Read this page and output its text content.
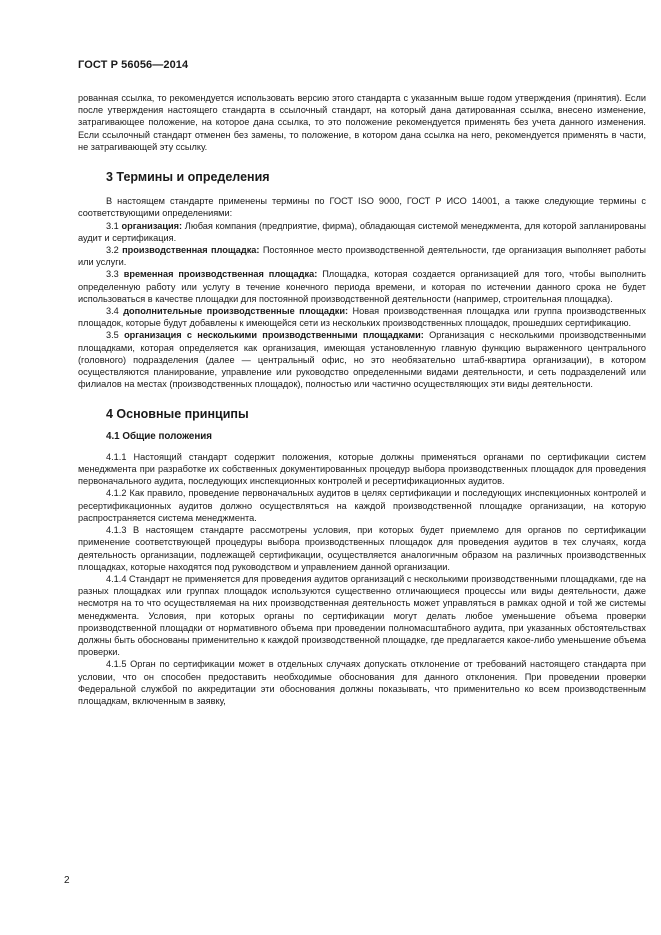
ГОСТ Р 56056—2014

рованная ссылка, то рекомендуется использовать версию этого стандарта с указанным выше годом утверждения (принятия). Если после утверждения настоящего стандарта в ссылочный стандарт, на который дана датированная ссылка, внесено изменение, затрагивающее положение, на которое дана ссылка, то это положение рекомендуется применять без учета данного изменения. Если ссылочный стандарт отменен без замены, то положение, в котором дана ссылка на него, рекомендуется применять в части, не затрагивающей эту ссылку.

3 Термины и определения

В настоящем стандарте применены термины по ГОСТ ISO 9000, ГОСТ Р ИСО 14001, а также следующие термины с соответствующими определениями:

3.1 организация: Любая компания (предприятие, фирма), обладающая системой менеджмента, для которой запланированы аудит и сертификация.

3.2 производственная площадка: Постоянное место производственной деятельности, где организация выполняет работы или услуги.

3.3 временная производственная площадка: Площадка, которая создается организацией для того, чтобы выполнить определенную работу или услугу в течение конечного периода времени, и которая по истечении данного срока не будет использоваться в качестве площадки для постоянной производственной деятельности (например, строительная площадка).

3.4 дополнительные производственные площадки: Новая производственная площадка или группа производственных площадок, которые будут добавлены к имеющейся сети из нескольких производственных площадок, прошедших сертификацию.

3.5 организация с несколькими производственными площадками: Организация с несколькими производственными площадками, которая определяется как организация, имеющая установленную главную функцию выраженного центрального (головного) подразделения (далее — центральный офис, но это необязательно штаб-квартира организации), в котором осуществляются планирование, управление или руководство определенными видами деятельности, и сеть подразделений или филиалов на местах (производственных площадок), полностью или частично осуществляющих эти виды деятельности.

4 Основные принципы
4.1 Общие положения

4.1.1 Настоящий стандарт содержит положения, которые должны применяться органами по сертификации систем менеджмента при разработке их собственных документированных процедур выбора производственных площадок для проведения первоначального аудита, последующих инспекционных контролей и ресертификационных аудитов.

4.1.2 Как правило, проведение первоначальных аудитов в целях сертификации и последующих инспекционных контролей и ресертификационных аудитов должно осуществляться на каждой производственной площадке организации, на которую распространяется система менеджмента.

4.1.3 В настоящем стандарте рассмотрены условия, при которых будет приемлемо для органов по сертификации применение соответствующей процедуры выбора производственных площадок для проведения аудитов в тех случаях, когда деятельность организации, подлежащей сертификации, осуществляется аналогичным образом на различных производственных площадках, которые находятся под руководством и управлением данной организации.

4.1.4 Стандарт не применяется для проведения аудитов организаций с несколькими производственными площадками, где на разных площадках или группах площадок используются существенно отличающиеся процессы или виды деятельности, даже несмотря на то что осуществляемая на них производственная деятельность может управляться в рамках одной и той же системы менеджмента. Условия, при которых органы по сертификации могут делать любое уменьшение объема проверки производственной площадки от нормативного объема при проведении полномасштабного аудита, при указанных обстоятельствах должны быть обоснованы применительно к каждой производственной площадке, где предлагается какое-либо уменьшение объема проверки.

4.1.5 Орган по сертификации может в отдельных случаях допускать отклонение от требований настоящего стандарта при условии, что он способен предоставить необходимые обоснования для данного отклонения. При проведении проверки Федеральной службой по аккредитации эти обоснования должны показывать, что применительно ко всем производственным площадкам, включенным в заявку,

2
